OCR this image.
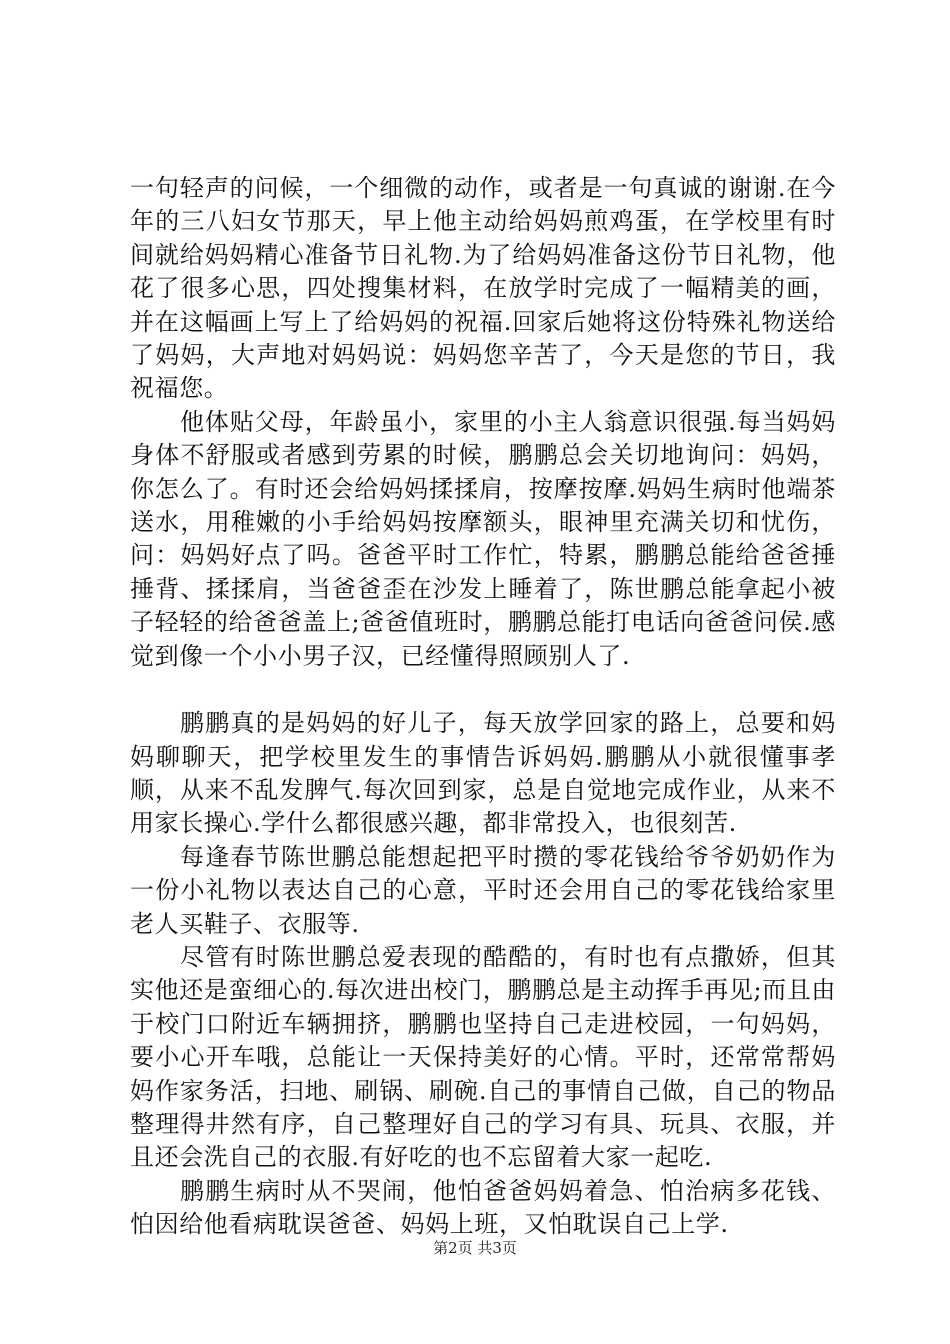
一句轻声的问候，一个细微的动作，或者是一句真诚的谢谢.在今年的三八妇女节那天，早上他主动给妈妈煎鸡蛋，在学校里有时间就给妈妈精心准备节日礼物.为了给妈妈准备这份节日礼物，他花了很多心思，四处搜集材料，在放学时完成了一幅精美的画，并在这幅画上写上了给妈妈的祝福.回家后她将这份特殊礼物送给了妈妈，大声地对妈妈说：妈妈您辛苦了，今天是您的节日，我祝福您。

他体贴父母，年龄虽小，家里的小主人翁意识很强.每当妈妈身体不舒服或者感到劳累的时候，鹏鹏总会关切地询问：妈妈，你怎么了。有时还会给妈妈揉揉肩，按摩按摩.妈妈生病时他端茶送水，用稚嫩的小手给妈妈按摩额头，眼神里充满关切和忧伤，问：妈妈好点了吗。爸爸平时工作忙，特累，鹏鹏总能给爸爸捶捶背、揉揉肩，当爸爸歪在沙发上睡着了，陈世鹏总能拿起小被子轻轻的给爸爸盖上;爸爸值班时，鹏鹏总能打电话向爸爸问侯.感觉到像一个小小男子汉，已经懂得照顾别人了.

鹏鹏真的是妈妈的好儿子，每天放学回家的路上，总要和妈妈聊聊天，把学校里发生的事情告诉妈妈.鹏鹏从小就很懂事孝顺，从来不乱发脾气.每次回到家，总是自觉地完成作业，从来不用家长操心.学什么都很感兴趣，都非常投入，也很刻苦.

每逢春节陈世鹏总能想起把平时攒的零花钱给爷爷奶奶作为一份小礼物以表达自己的心意，平时还会用自己的零花钱给家里老人买鞋子、衣服等.

尽管有时陈世鹏总爱表现的酷酷的，有时也有点撒娇，但其实他还是蛮细心的.每次进出校门，鹏鹏总是主动挥手再见;而且由于校门口附近车辆拥挤，鹏鹏也坚持自己走进校园，一句妈妈，要小心开车哦，总能让一天保持美好的心情。平时，还常常帮妈妈作家务活，扫地、刷锅、刷碗.自己的事情自己做，自己的物品整理得井然有序，自己整理好自己的学习有具、玩具、衣服，并且还会洗自己的衣服.有好吃的也不忘留着大家一起吃.

鹏鹏生病时从不哭闹，他怕爸爸妈妈着急、怕治病多花钱、怕因给他看病耽误爸爸、妈妈上班，又怕耽误自己上学.

第2页 共3页
